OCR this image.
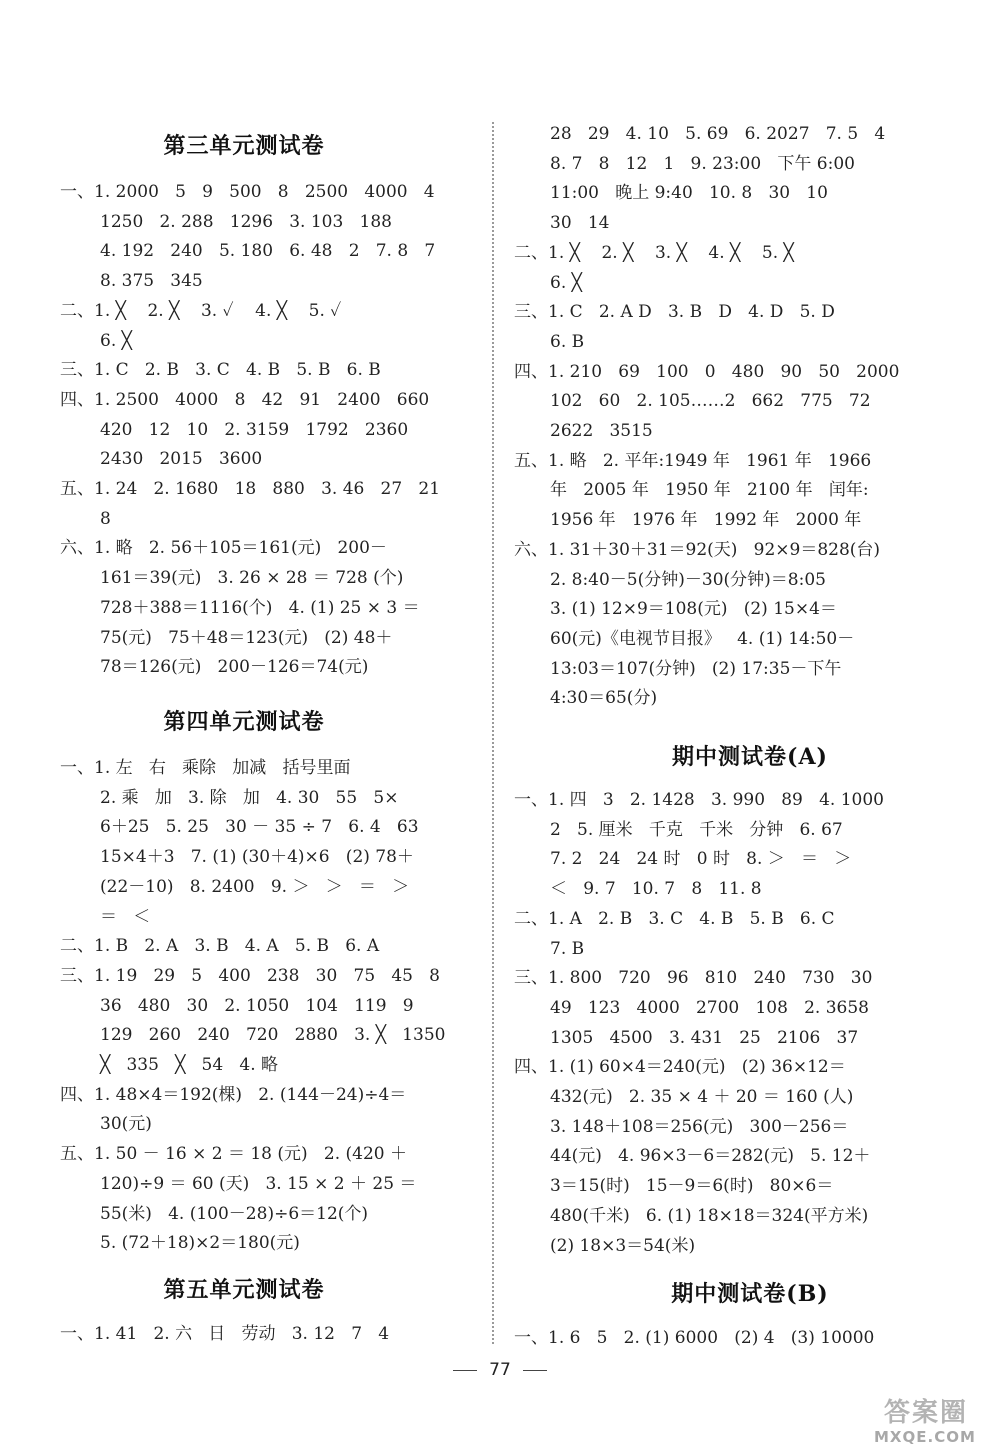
第三单元测试卷
一、1. 2000   5   9   500   8   2500   4000   4
1250   2. 288   1296   3. 103   188
4. 192   240   5. 180   6. 48   2   7. 8   7
8. 375   345
二、1. ╳    2. ╳    3. ✓    4. ╳    5. ✓
6. ╳
三、1. C   2. B   3. C   4. B   5. B   6. B
四、1. 2500   4000   8   42   91   2400   660
420   12   10   2. 3159   1792   2360
2430   2015   3600
五、1. 24   2. 1680   18   880   3. 46   27   21
8
六、1. 略   2. 56＋105＝161(元)   200－
161＝39(元)   3. 26 × 28 ＝ 728 (个)
728＋388＝1116(个)   4. (1) 25 × 3 ＝
75(元)   75＋48＝123(元)   (2) 48＋
78＝126(元)   200－126＝74(元)
第四单元测试卷
一、1. 左   右   乘除   加减   括号里面
2. 乘   加   3. 除   加   4. 30   55   5×
6＋25   5. 25   30 － 35 ÷ 7   6. 4   63
15×4＋3   7. (1) (30＋4)×6   (2) 78＋
(22－10)   8. 2400   9. ＞   ＞   ＝   ＞
＝   ＜
二、1. B   2. A   3. B   4. A   5. B   6. A
三、1. 19   29   5   400   238   30   75   45   8
36   480   30   2. 1050   104   119   9
129   260   240   720   2880   3. ╳   1350
╳   335   ╳   54   4. 略
四、1. 48×4＝192(棵)   2. (144－24)÷4＝
30(元)
五、1. 50 － 16 × 2 ＝ 18 (元)   2. (420 ＋
120)÷9 ＝ 60 (天)   3. 15 × 2 ＋ 25 ＝
55(米)   4. (100－28)÷6＝12(个)
5. (72＋18)×2＝180(元)
第五单元测试卷
一、1. 41   2. 六   日   劳动   3. 12   7   4
28   29   4. 10   5. 69   6. 2027   7. 5   4
8. 7   8   12   1   9. 23:00   下午 6:00
11:00   晚上 9:40   10. 8   30   10
30   14
二、1. ╳    2. ╳    3. ╳    4. ╳    5. ╳
6. ╳
三、1. C   2. A D   3. B   D   4. D   5. D
6. B
四、1. 210   69   100   0   480   90   50   2000
102   60   2. 105……2   662   775   72
2622   3515
五、1. 略   2. 平年:1949 年   1961 年   1966
年   2005 年   1950 年   2100 年   闰年:
1956 年   1976 年   1992 年   2000 年
六、1. 31＋30＋31＝92(天)   92×9＝828(台)
2. 8:40－5(分钟)－30(分钟)＝8:05
3. (1) 12×9＝108(元)   (2) 15×4＝
60(元)《电视节目报》   4. (1) 14:50－
13:03＝107(分钟)   (2) 17:35－下午
4:30＝65(分)
期中测试卷(A)
一、1. 四   3   2. 1428   3. 990   89   4. 1000
2   5. 厘米   千克   千米   分钟   6. 67
7. 2   24   24 时   0 时   8. ＞   ＝   ＞
＜   9. 7   10. 7   8   11. 8
二、1. A   2. B   3. C   4. B   5. B   6. C
7. B
三、1. 800   720   96   810   240   730   30
49   123   4000   2700   108   2. 3658
1305   4500   3. 431   25   2106   37
四、1. (1) 60×4＝240(元)   (2) 36×12＝
432(元)   2. 35 × 4 ＋ 20 ＝ 160 (人)
3. 148＋108＝256(元)   300－256＝
44(元)   4. 96×3－6＝282(元)   5. 12＋
3＝15(时)   15－9＝6(时)   80×6＝
480(千米)   6. (1) 18×18＝324(平方米)
(2) 18×3＝54(米)
期中测试卷(B)
一、1. 6   5   2. (1) 6000   (2) 4   (3) 10000
77
答案圈
MXQE.COM
